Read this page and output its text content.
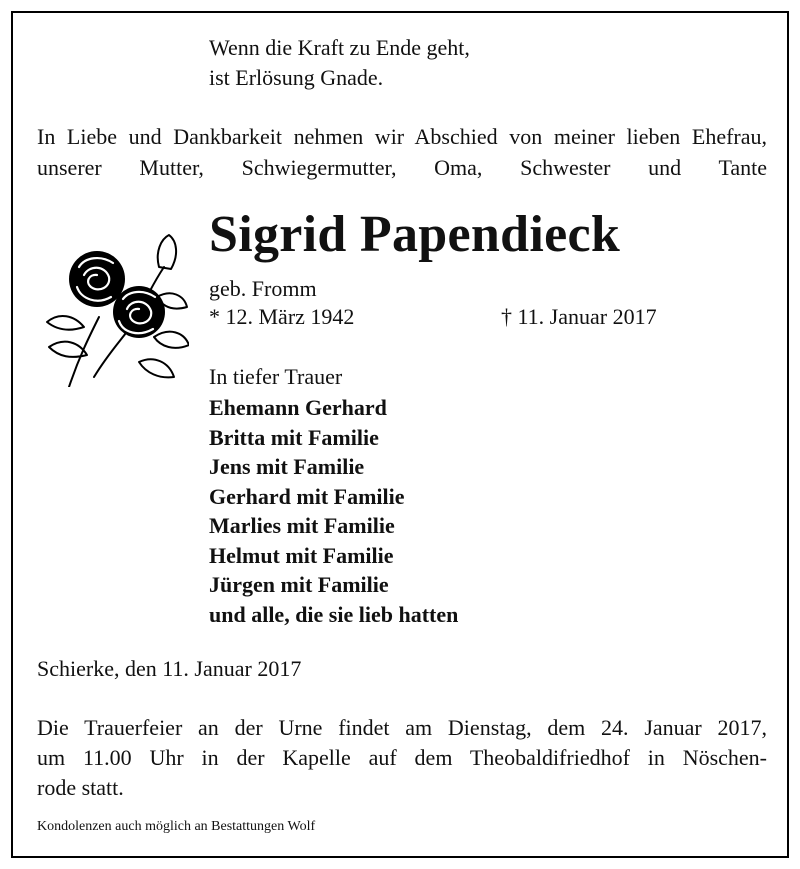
Wenn die Kraft zu Ende geht,
ist Erlösung Gnade.
In Liebe und Dankbarkeit nehmen wir Abschied von meiner lieben Ehefrau, unserer Mutter, Schwiegermutter, Oma, Schwester und Tante
Sigrid Papendieck
geb. Fromm
* 12. März 1942	† 11. Januar 2017
In tiefer Trauer
Ehemann Gerhard
Britta mit Familie
Jens mit Familie
Gerhard mit Familie
Marlies mit Familie
Helmut mit Familie
Jürgen mit Familie
und alle, die sie lieb hatten
Schierke, den 11. Januar 2017
Die Trauerfeier an der Urne findet am Dienstag, dem 24. Januar 2017,
um 11.00 Uhr in der Kapelle auf dem Theobaldifriedhof in Nöschen-
rode statt.
Kondolenzen auch möglich an Bestattungen Wolf
